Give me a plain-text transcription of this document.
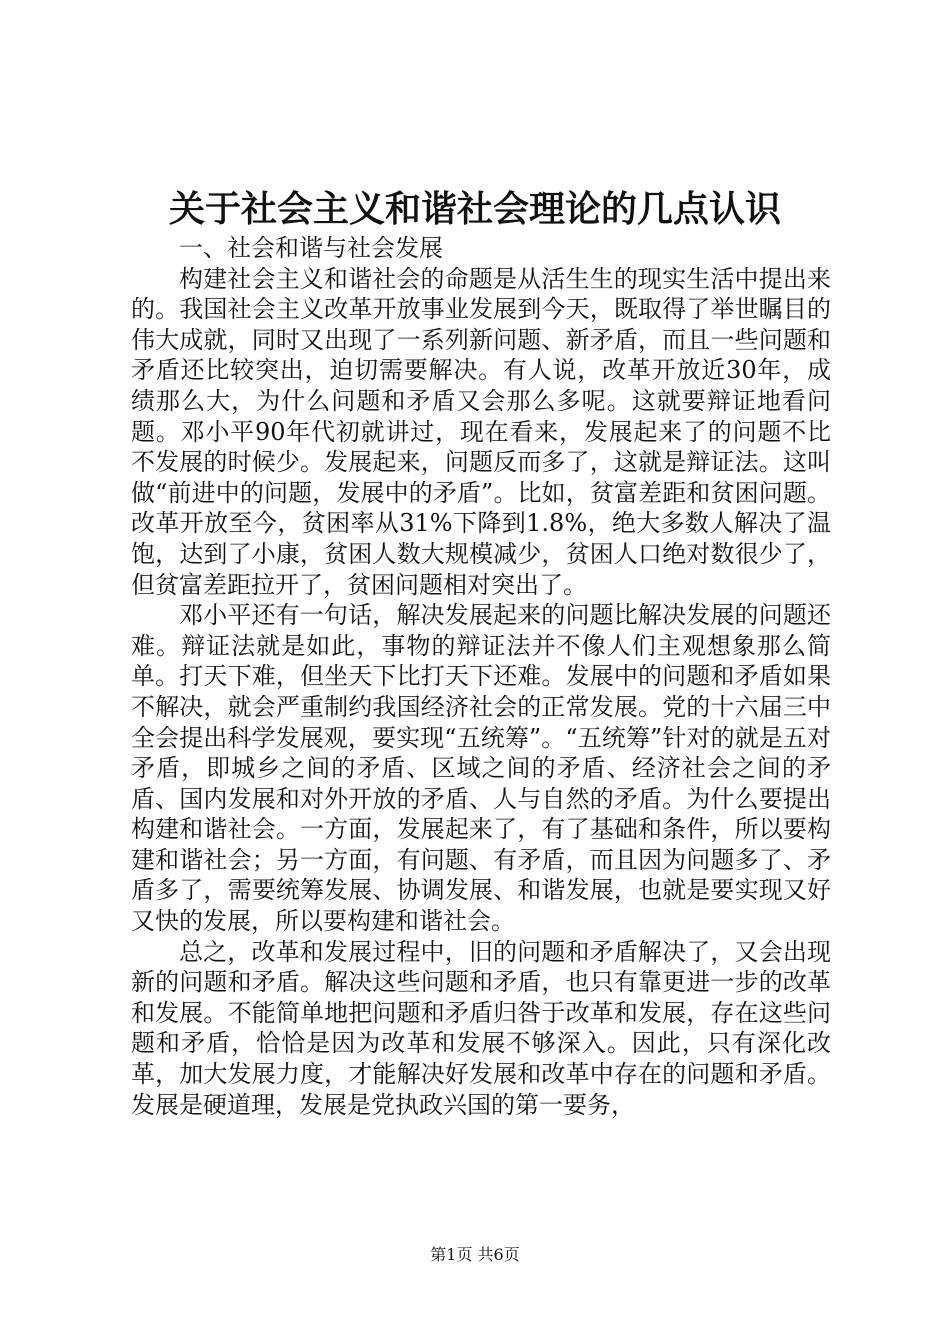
关于社会主义和谐社会理论的几点认识

一、社会和谐与社会发展

构建社会主义和谐社会的命题是从活生生的现实生活中提出来的。我国社会主义改革开放事业发展到今天，既取得了举世瞩目的伟大成就，同时又出现了一系列新问题、新矛盾，而且一些问题和矛盾还比较突出，迫切需要解决。有人说，改革开放近30年，成绩那么大，为什么问题和矛盾又会那么多呢。这就要辩证地看问题。邓小平90年代初就讲过，现在看来，发展起来了的问题不比不发展的时候少。发展起来，问题反而多了，这就是辩证法。这叫做“前进中的问题，发展中的矛盾”。比如，贫富差距和贫困问题。改革开放至今，贫困率从31%下降到1.8%，绝大多数人解决了温饱，达到了小康，贫困人数大规模减少，贫困人口绝对数很少了，但贫富差距拉开了，贫困问题相对突出了。

邓小平还有一句话，解决发展起来的问题比解决发展的问题还难。辩证法就是如此，事物的辩证法并不像人们主观想象那么简单。打天下难，但坐天下比打天下还难。发展中的问题和矛盾如果不解决，就会严重制约我国经济社会的正常发展。党的十六届三中全会提出科学发展观，要实现“五统筹”。“五统筹”针对的就是五对矛盾，即城乡之间的矛盾、区域之间的矛盾、经济社会之间的矛盾、国内发展和对外开放的矛盾、人与自然的矛盾。为什么要提出构建和谐社会。一方面，发展起来了，有了基础和条件，所以要构建和谐社会；另一方面，有问题、有矛盾，而且因为问题多了、矛盾多了，需要统筹发展、协调发展、和谐发展，也就是要实现又好又快的发展，所以要构建和谐社会。

总之，改革和发展过程中，旧的问题和矛盾解决了，又会出现新的问题和矛盾。解决这些问题和矛盾，也只有靠更进一步的改革和发展。不能简单地把问题和矛盾归咎于改革和发展，存在这些问题和矛盾，恰恰是因为改革和发展不够深入。因此，只有深化改革，加大发展力度，才能解决好发展和改革中存在的问题和矛盾。发展是硬道理，发展是党执政兴国的第一要务，

第1页 共6页
